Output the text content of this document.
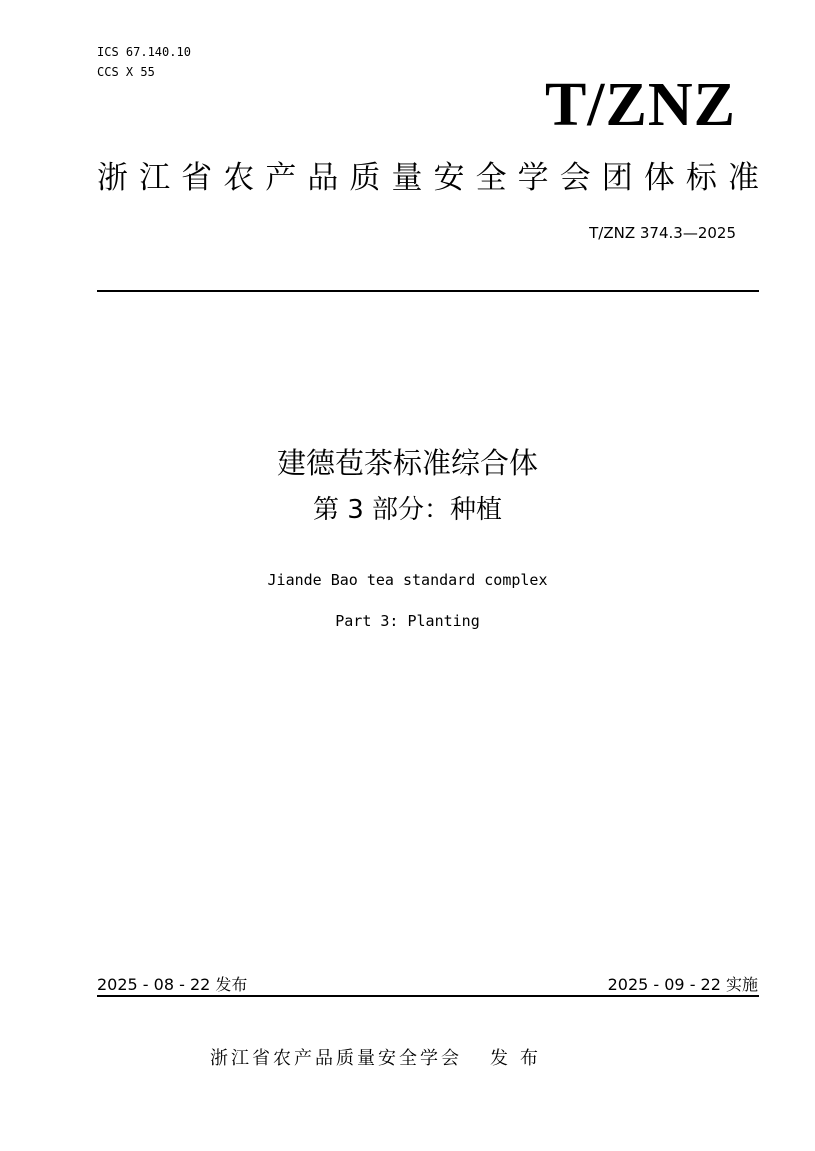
ICS 67.140.10
CCS X 55	T/ZNZ
浙 江 省 农 产 品 质 量 安 全 学 会 团 体 标 准
T/ZNZ 374.3—2025
建德苞茶标准综合体
第 3 部分：种植
Jiande Bao tea standard complex
Part 3: Planting
2025 - 08 - 22 发布	2025 - 09 - 22 实施
浙江省农产品质量安全学会 发布
